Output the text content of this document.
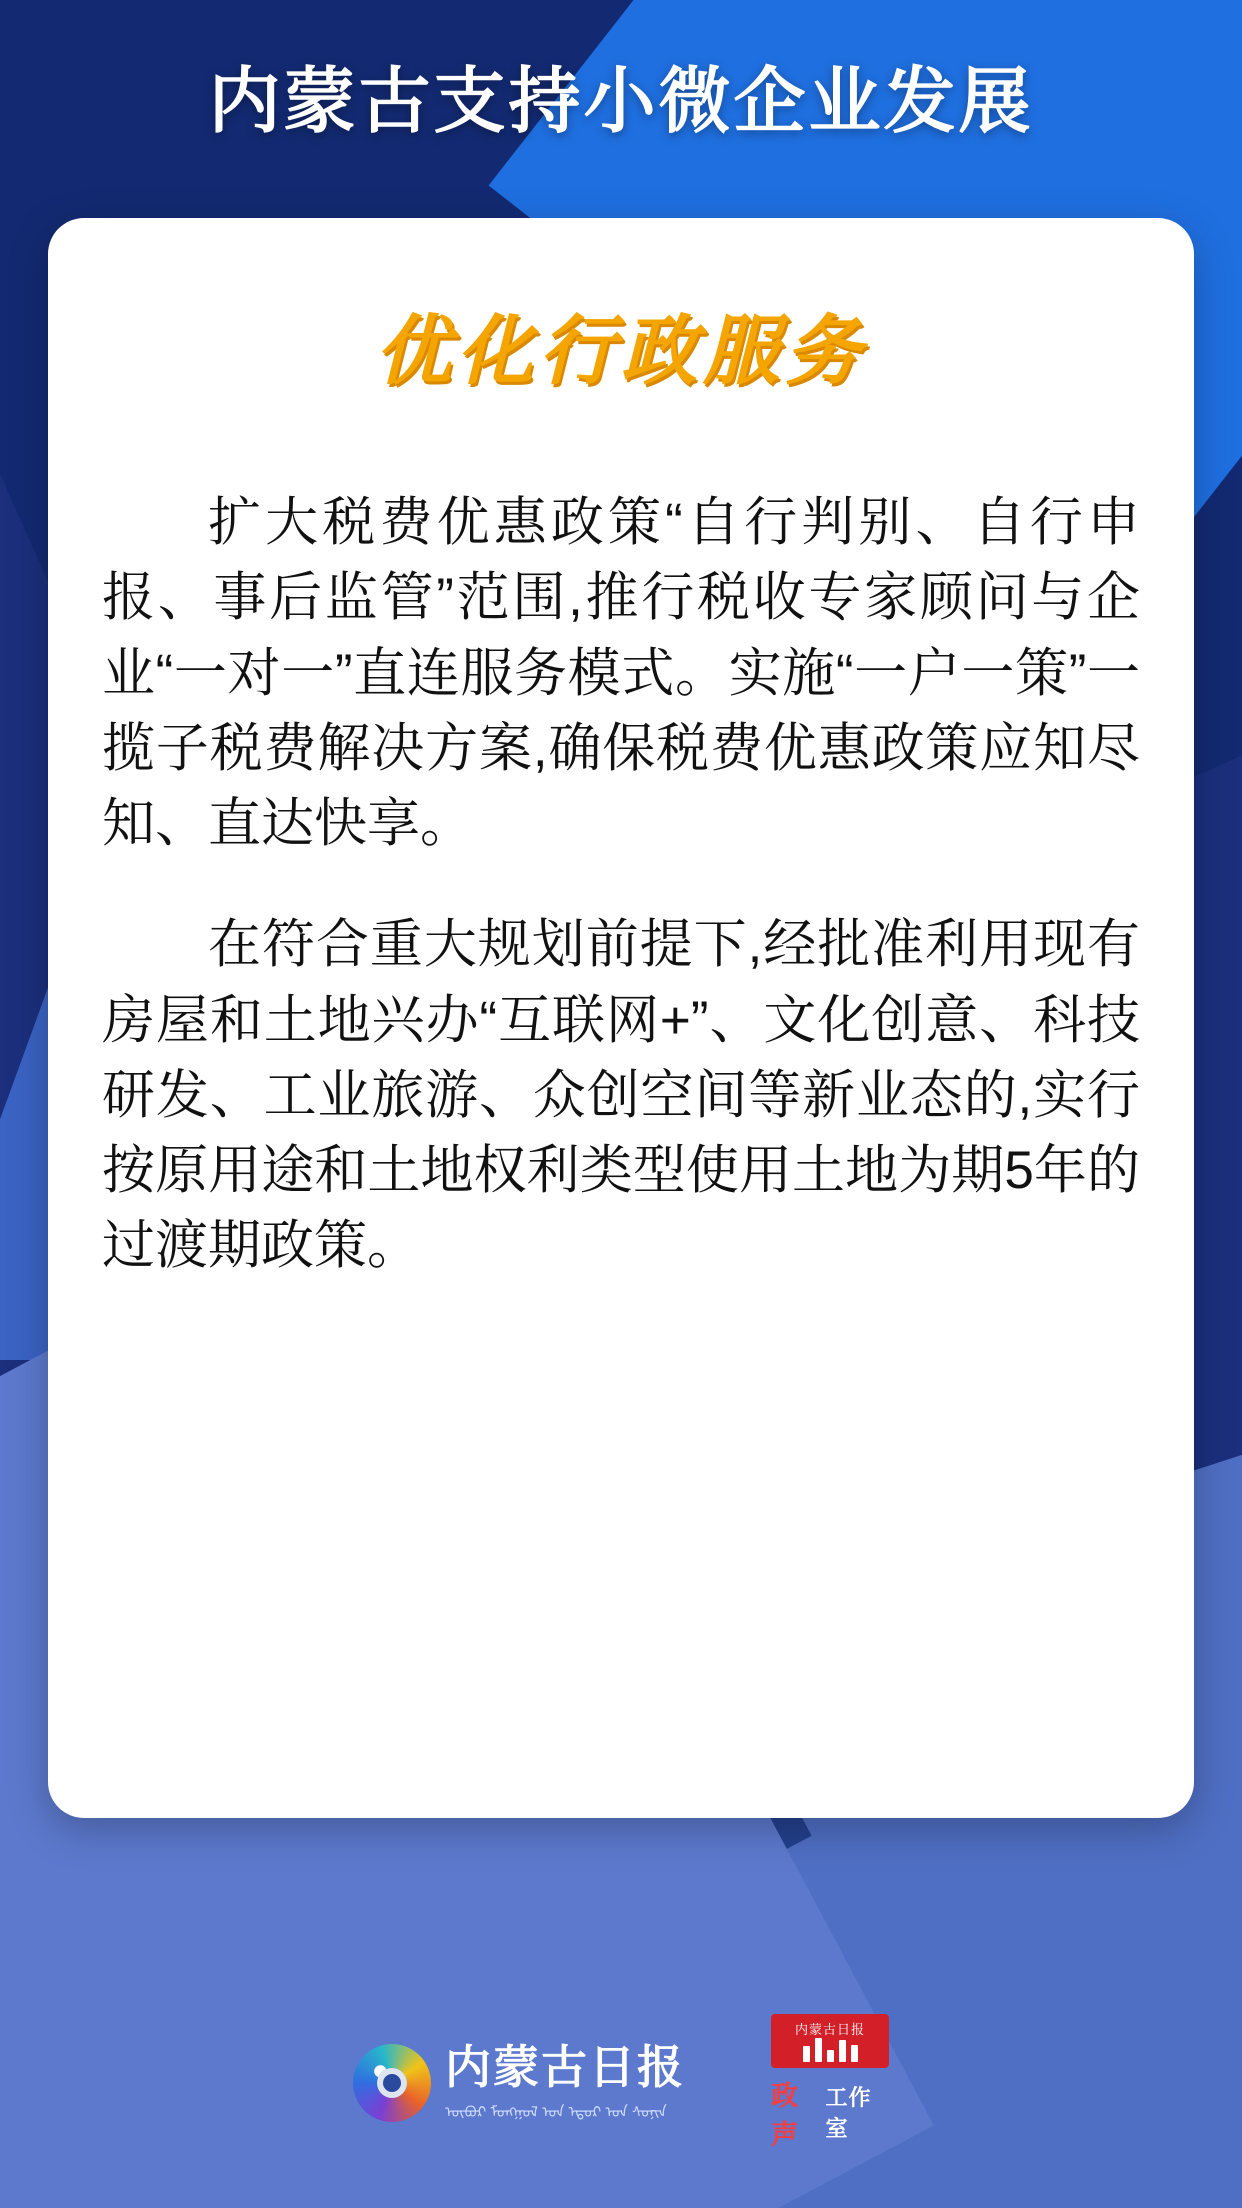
内蒙古支持小微企业发展
优化行政服务

扩大税费优惠政策“自行判别、自行申报、事后监管”范围,推行税收专家顾问与企业“一对一”直连服务模式。实施“一户一策”一揽子税费解决方案,确保税费优惠政策应知尽知、直达快享。

在符合重大规划前提下,经批准利用现有房屋和土地兴办“互联网+”、文化创意、科技研发、工业旅游、众创空间等新业态的,实行按原用途和土地权利类型使用土地为期5年的过渡期政策。

内蒙古日报
ᠦᠪᠦᠷ ᠮᠣᠩᠭᠣᠯ ᠤᠨ ᠡᠳᠦᠷ ᠤᠨ ᠰᠣᠨᠢᠨ
内蒙古日报
政声
工作室
